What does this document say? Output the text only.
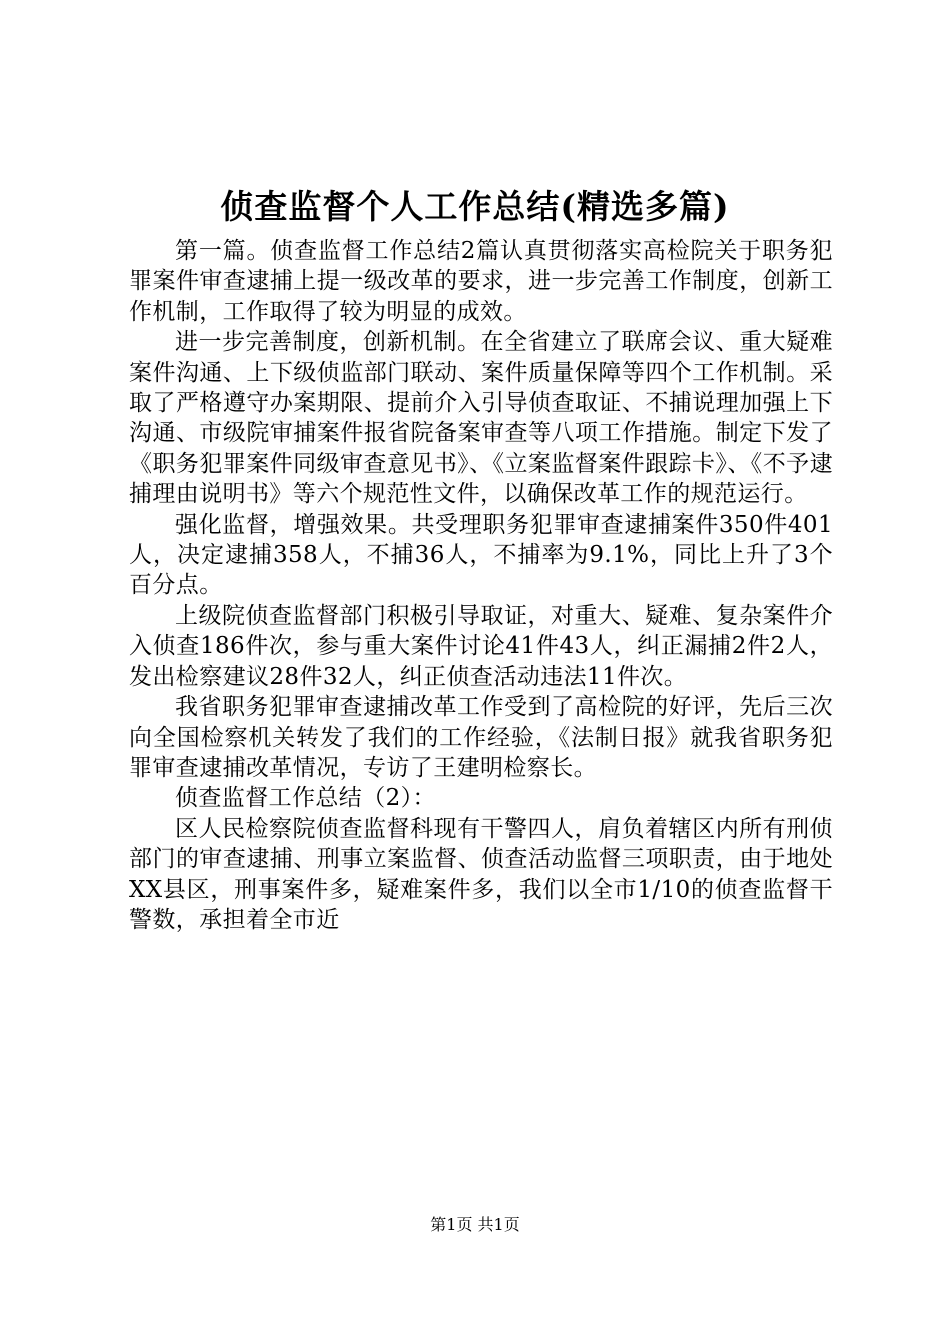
侦查监督个人工作总结(精选多篇)

第一篇。侦查监督工作总结2篇认真贯彻落实高检院关于职务犯罪案件审查逮捕上提一级改革的要求，进一步完善工作制度，创新工作机制，工作取得了较为明显的成效。

进一步完善制度，创新机制。在全省建立了联席会议、重大疑难案件沟通、上下级侦监部门联动、案件质量保障等四个工作机制。采取了严格遵守办案期限、提前介入引导侦查取证、不捕说理加强上下沟通、市级院审捕案件报省院备案审查等八项工作措施。制定下发了《职务犯罪案件同级审查意见书》、《立案监督案件跟踪卡》、《不予逮捕理由说明书》等六个规范性文件，以确保改革工作的规范运行。

强化监督，增强效果。共受理职务犯罪审查逮捕案件350件401人，决定逮捕358人，不捕36人，不捕率为9.1%，同比上升了3个百分点。

上级院侦查监督部门积极引导取证，对重大、疑难、复杂案件介入侦查186件次，参与重大案件讨论41件43人，纠正漏捕2件2人，发出检察建议28件32人，纠正侦查活动违法11件次。

我省职务犯罪审查逮捕改革工作受到了高检院的好评，先后三次向全国检察机关转发了我们的工作经验，《法制日报》就我省职务犯罪审查逮捕改革情况，专访了王建明检察长。

侦查监督工作总结（2）：

区人民检察院侦查监督科现有干警四人，肩负着辖区内所有刑侦部门的审查逮捕、刑事立案监督、侦查活动监督三项职责，由于地处XX县区，刑事案件多，疑难案件多，我们以全市1/10的侦查监督干警数，承担着全市近

第1页 共1页
